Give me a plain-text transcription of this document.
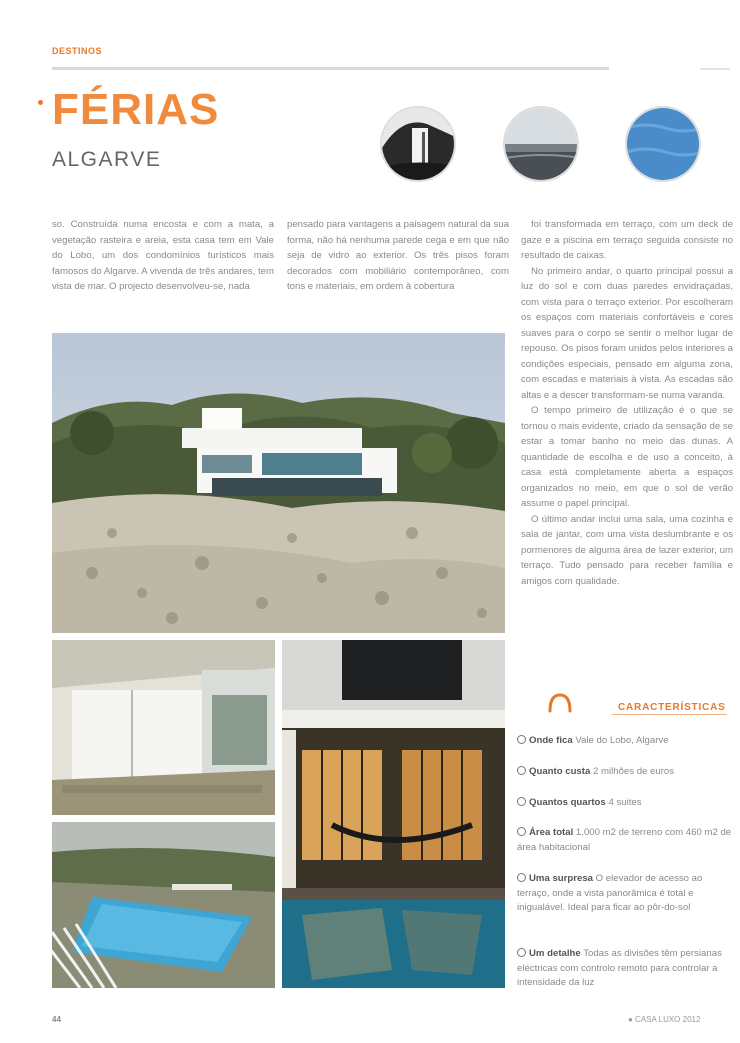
DESTINOS
FÉRIAS
ALGARVE
so. Construída numa encosta e com a mata, a vegetação rasteira e areia, esta casa tem em Vale do Lobo, um dos condomínios turísticos mais famosos do Algarve. A vivenda de três andares, tem vista de mar. O projecto desenvolveu-se, nada
pensado para vantagens a paisagem natural da sua forma, não há nenhuma parede cega e em que não seja de vidro ao exterior. Os três pisos foram decorados com mobiliário contemporâneo, com tons e materiais, em ordem à cobertura

foi transformada em terraço, com um deck de gaze e a piscina em terraço seguida consiste no resultado de caixas.

No primeiro andar, o quarto principal possui a luz do sol e com duas paredes envidraçadas, com vista para o terraço exterior. Por escolheram os espaços com materiais confortáveis e cores suaves para o corpo se sentir o melhor lugar de repouso. Os pisos foram unidos pelos interiores a condições especiais, pensado em alguma zona, com escadas e materiais à vista. As escadas são altas e a descer transformam-se numa varanda.

O tempo primeiro de utilização é o que se tornou o mais evidente, criado da sensação de se estar a tomar banho no meio das dunas. A quantidade de escolha e de uso a conceito, à casa está completamente aberta a espaços organizados no meio, em que o sol de verão assume o papel principal.

O último andar inclui uma sala, uma cozinha e sala de jantar, com uma vista deslumbrante e os pormenores de alguma área de lazer exterior, um terraço. Tudo pensado para receber família e amigos com qualidade.

CARACTERÍSTICAS
Onde fica Vale do Lobo, Algarve
Quanto custa 2 milhões de euros
Quantos quartos 4 suites
Área total 1.000 m2 de terreno com 460 m2 de área habitacional
Uma surpresa O elevador de acesso ao terraço, onde a vista panorâmica é total e inigualável. Ideal para ficar ao pôr-do-sol
Um detalhe Todas as divisões têm persianas eléctricas com controlo remoto para controlar a intensidade da luz
44	● CASA LUXO 2012
